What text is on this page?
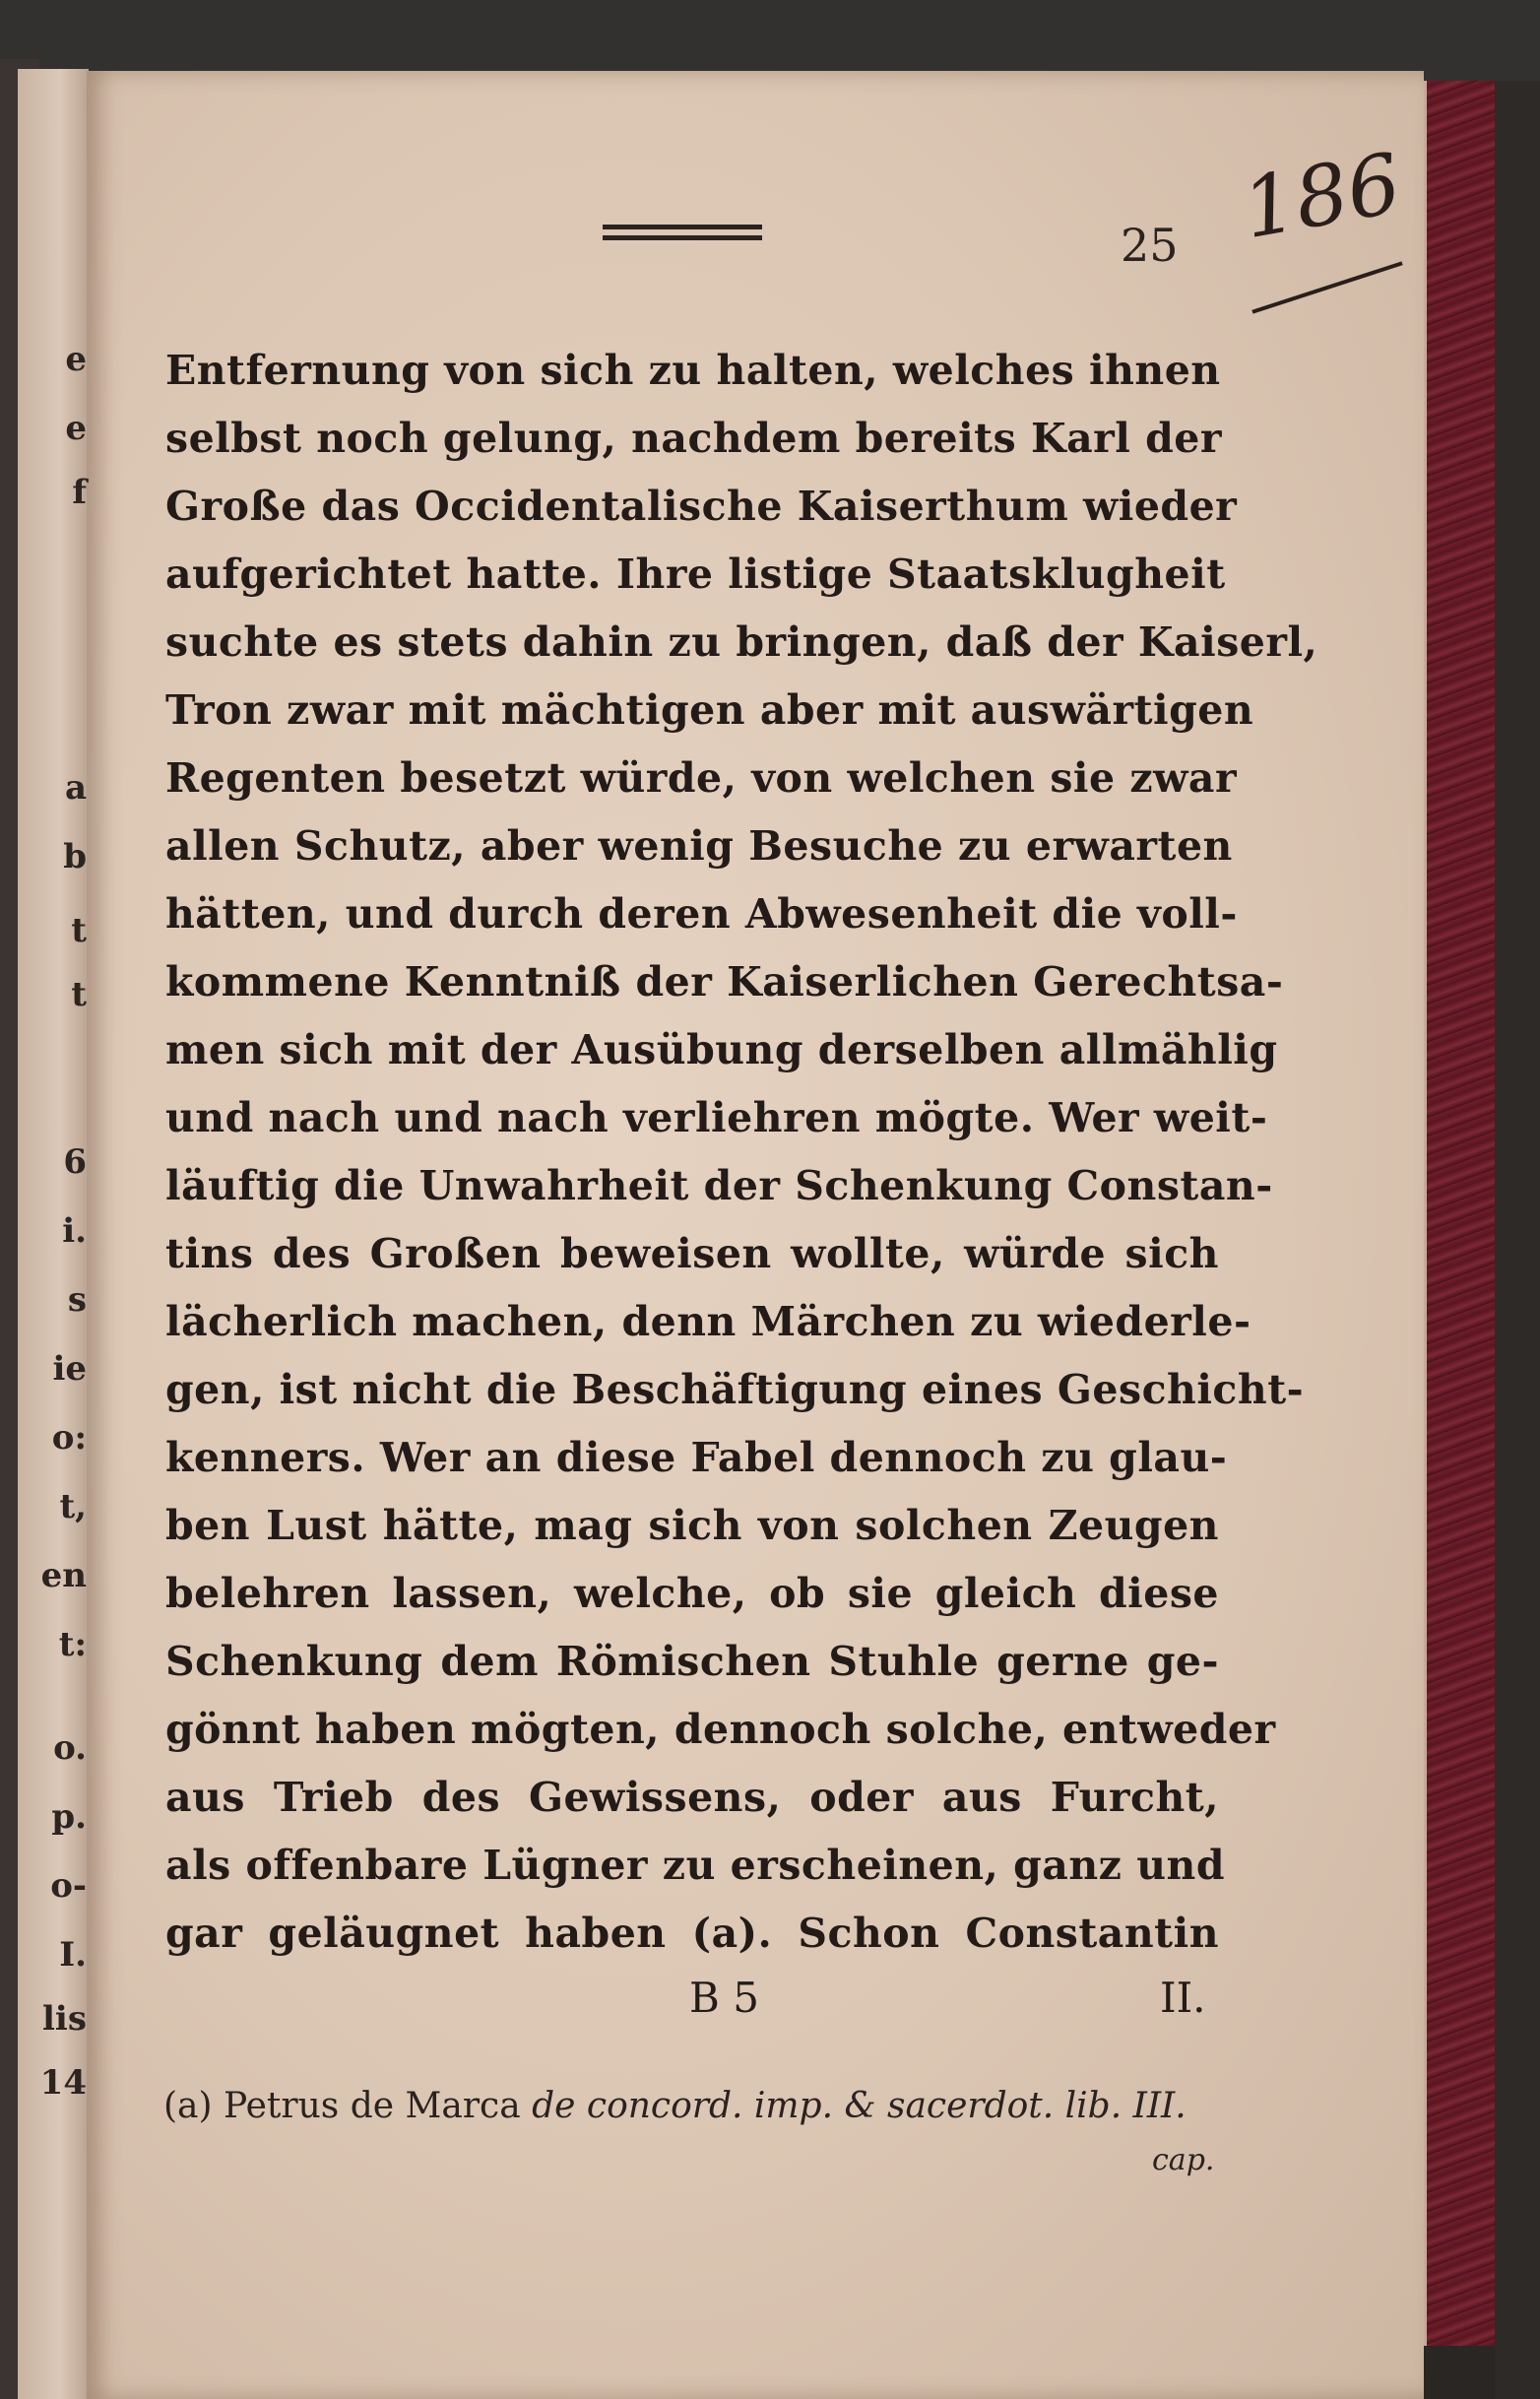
e
e
f
a
b
t
t
6
i.
s
ie
o:
t,
en
t:
o.
p.
o-
I.
lis
14
25 186
Entfernung von sich zu halten, welches ihnen
selbst noch gelung, nachdem bereits Karl der
Große das Occidentalische Kaiserthum wieder
aufgerichtet hatte. Ihre listige Staatsklugheit
suchte es stets dahin zu bringen, daß der Kaiserl,
Tron zwar mit mächtigen aber mit auswärtigen
Regenten besetzt würde, von welchen sie zwar
allen Schutz, aber wenig Besuche zu erwarten
hätten, und durch deren Abwesenheit die voll-
kommene Kenntniß der Kaiserlichen Gerechtsa-
men sich mit der Ausübung derselben allmählig
und nach und nach verliehren mögte. Wer weit-
läuftig die Unwahrheit der Schenkung Constan-
tins des Großen beweisen wollte, würde sich
lächerlich machen, denn Märchen zu wiederle-
gen, ist nicht die Beschäftigung eines Geschicht-
kenners. Wer an diese Fabel dennoch zu glau-
ben Lust hätte, mag sich von solchen Zeugen
belehren lassen, welche, ob sie gleich diese
Schenkung dem Römischen Stuhle gerne ge-
gönnt haben mögten, dennoch solche, entweder
aus Trieb des Gewissens, oder aus Furcht,
als offenbare Lügner zu erscheinen, ganz und
gar geläugnet haben (a). Schon Constantin
B 5	II.
(a) Petrus de Marca de concord. imp. & sacerdot. lib. III.
cap.
